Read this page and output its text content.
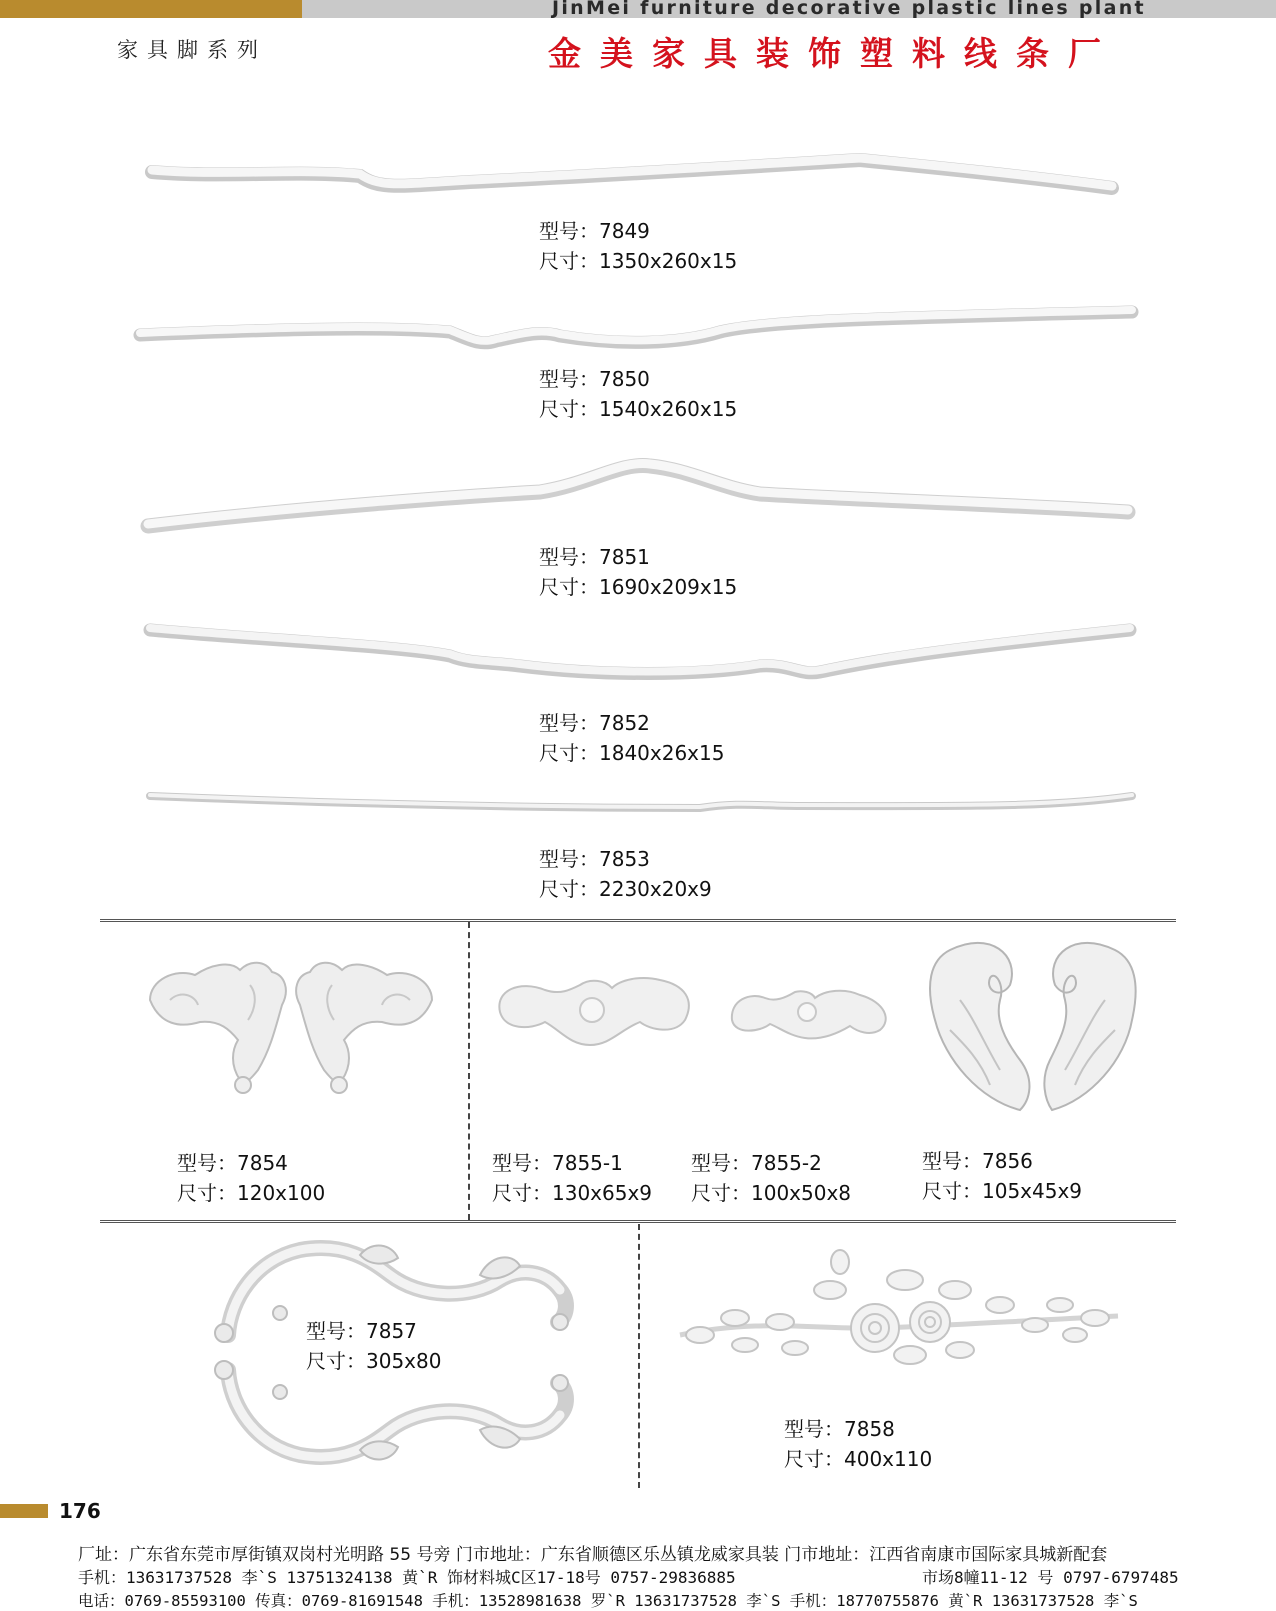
JinMei furniture decorative plastic lines plant
家具脚系列	金美家具装饰塑料线条厂
型号：7849
尺寸：1350x260x15
型号：7850
尺寸：1540x260x15
型号：7851
尺寸：1690x209x15
型号：7852
尺寸：1840x26x15
型号：7853
尺寸：2230x20x9
型号：7854
尺寸：120x100
型号：7855-1
尺寸：130x65x9
型号：7855-2
尺寸：100x50x8
型号：7856
尺寸：105x45x9
型号：7857
尺寸：305x80
型号：7858
尺寸：400x110
176
厂址：广东省东莞市厚街镇双岗村光明路 55 号旁 门市地址：广东省顺德区乐丛镇龙威家具装 门市地址：江西省南康市国际家具城新配套
手机：13631737528 李`S 13751324138 黄`R 饰材料城C区17-18号 0757-29836885	市场8幢11-12 号 0797-6797485
电话：0769-85593100 传真：0769-81691548 手机：13528981638 罗`R 13631737528 李`S 手机：18770755876 黄`R 13631737528 李`S
